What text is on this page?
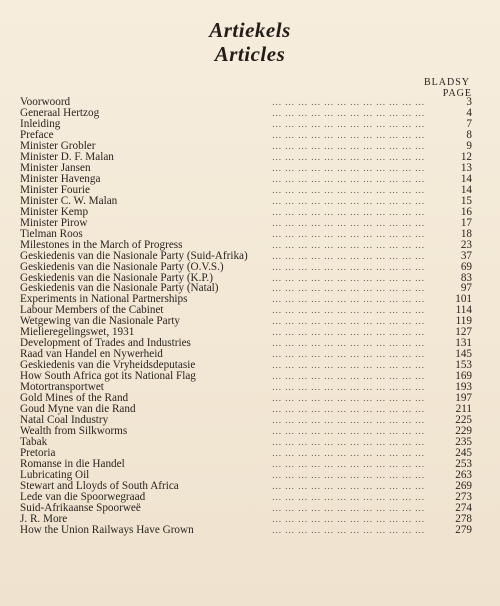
Artiekels
Articles
BLADSY
PAGE
... ... ... ... ... ... ... ... ... ... ... ...
Voorwoord	3
... ... ... ... ... ... ... ... ... ... ... ...
Generaal Hertzog	4
... ... ... ... ... ... ... ... ... ... ... ...
Inleiding	7
... ... ... ... ... ... ... ... ... ... ... ...
Preface	8
... ... ... ... ... ... ... ... ... ... ... ...
Minister Grobler	9
... ... ... ... ... ... ... ... ... ... ... ...
Minister D. F. Malan	12
... ... ... ... ... ... ... ... ... ... ... ...
Minister Jansen	13
... ... ... ... ... ... ... ... ... ... ... ...
Minister Havenga	14
... ... ... ... ... ... ... ... ... ... ... ...
Minister Fourie	14
... ... ... ... ... ... ... ... ... ... ... ...
Minister C. W. Malan	15
... ... ... ... ... ... ... ... ... ... ... ...
Minister Kemp	16
... ... ... ... ... ... ... ... ... ... ... ...
Minister Pirow	17
... ... ... ... ... ... ... ... ... ... ... ...
Tielman Roos	18
... ... ... ... ... ... ... ... ... ... ... ...
Milestones in the March of Progress	23
... ... ... ... ... ... ... ... ... ... ... ...
Geskiedenis van die Nasionale Party (Suid-Afrika)	37
... ... ... ... ... ... ... ... ... ... ... ...
Geskiedenis van die Nasionale Party (O.V.S.)	69
... ... ... ... ... ... ... ... ... ... ... ...
Geskiedenis van die Nasionale Party (K.P.)	83
... ... ... ... ... ... ... ... ... ... ... ...
Geskiedenis van die Nasionale Party (Natal)	97
... ... ... ... ... ... ... ... ... ... ... ...
Experiments in National Partnerships	101
... ... ... ... ... ... ... ... ... ... ... ...
Labour Members of the Cabinet	114
... ... ... ... ... ... ... ... ... ... ... ...
Wetgewing van die Nasionale Party	119
... ... ... ... ... ... ... ... ... ... ... ...
Mielieregelingswet, 1931	127
... ... ... ... ... ... ... ... ... ... ... ...
Development of Trades and Industries	131
... ... ... ... ... ... ... ... ... ... ... ...
Raad van Handel en Nywerheid	145
... ... ... ... ... ... ... ... ... ... ... ...
Geskiedenis van die Vryheidsdeputasie	153
... ... ... ... ... ... ... ... ... ... ... ...
How South Africa got its National Flag	169
... ... ... ... ... ... ... ... ... ... ... ...
Motortransportwet	193
... ... ... ... ... ... ... ... ... ... ... ...
Gold Mines of the Rand	197
... ... ... ... ... ... ... ... ... ... ... ...
Goud Myne van die Rand	211
... ... ... ... ... ... ... ... ... ... ... ...
Natal Coal Industry	225
... ... ... ... ... ... ... ... ... ... ... ...
Wealth from Silkworms	229
... ... ... ... ... ... ... ... ... ... ... ...
Tabak	235
... ... ... ... ... ... ... ... ... ... ... ...
Pretoria	245
... ... ... ... ... ... ... ... ... ... ... ...
Romanse in die Handel	253
... ... ... ... ... ... ... ... ... ... ... ...
Lubricating Oil	263
... ... ... ... ... ... ... ... ... ... ... ...
Stewart and Lloyds of South Africa	269
... ... ... ... ... ... ... ... ... ... ... ...
Lede van die Spoorwegraad	273
... ... ... ... ... ... ... ... ... ... ... ...
Suid-Afrikaanse Spoorweë	274
... ... ... ... ... ... ... ... ... ... ... ...
J. R. More	278
... ... ... ... ... ... ... ... ... ... ... ...
How the Union Railways Have Grown	279
